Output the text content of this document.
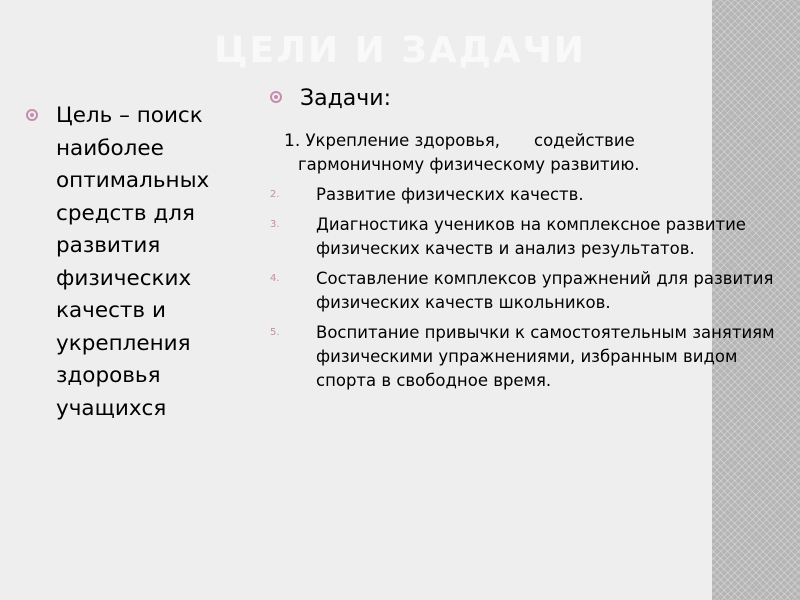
ЦЕЛИ И ЗАДАЧИ
Цель – поиск наиболее оптимальных средств для развития физических качеств и укрепления здоровья учащихся
Задачи:
1. Укрепление здоровья, содействие
гармоничному физическому развитию.
2.	Развитие физических качеств.
3.	Диагностика учеников на комплексное развитие физических качеств и анализ результатов.
4.	Составление комплексов упражнений для развития физических качеств школьников.
5.	Воспитание привычки к самостоятельным занятиям физическими упражнениями, избранным видом спорта в свободное время.
